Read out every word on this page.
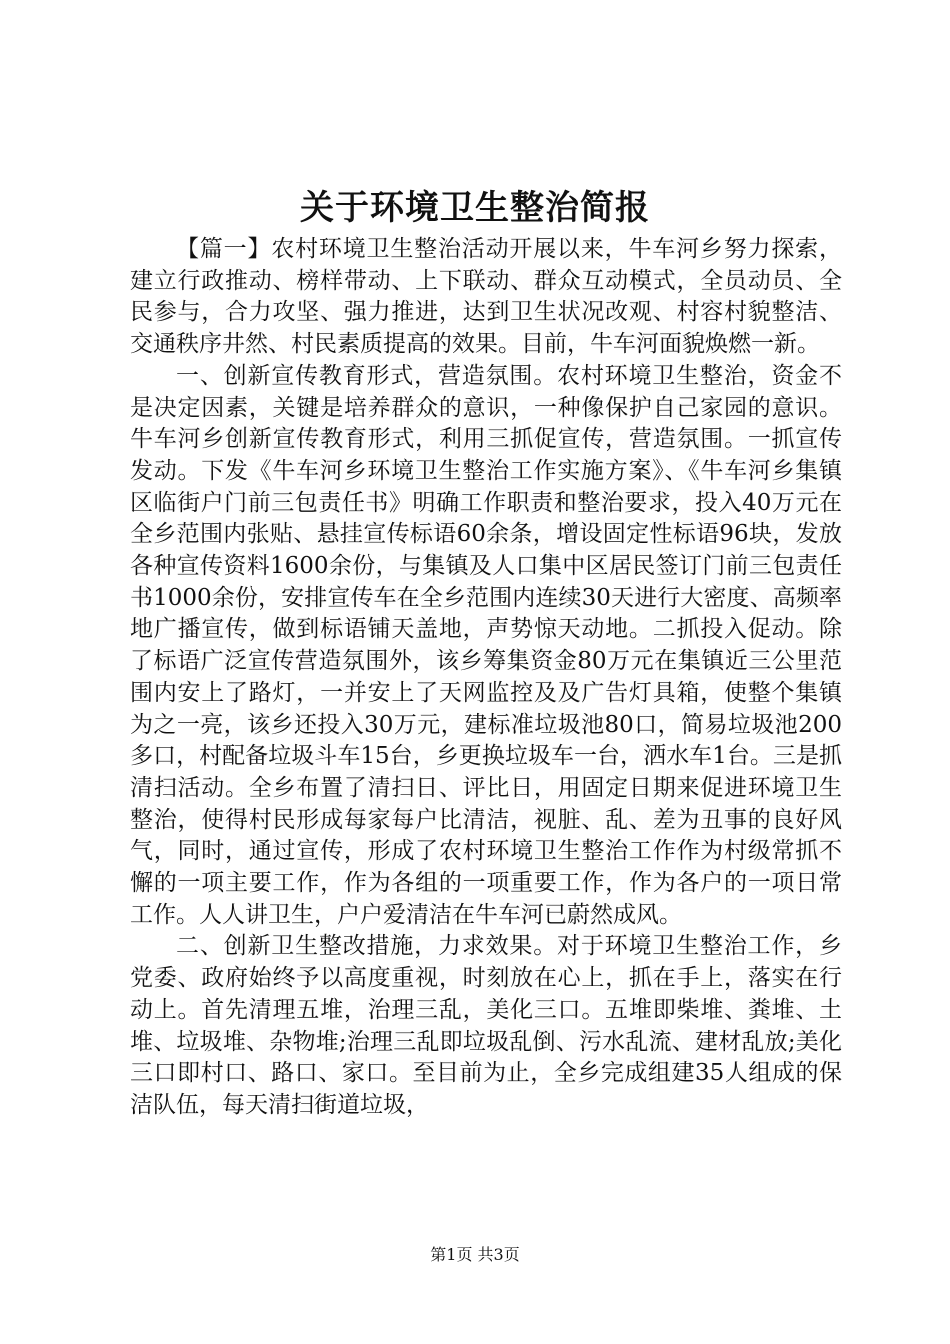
关于环境卫生整治简报

【篇一】农村环境卫生整治活动开展以来，牛车河乡努力探索，建立行政推动、榜样带动、上下联动、群众互动模式，全员动员、全民参与，合力攻坚、强力推进，达到卫生状况改观、村容村貌整洁、交通秩序井然、村民素质提高的效果。目前，牛车河面貌焕燃一新。

一、创新宣传教育形式，营造氛围。农村环境卫生整治，资金不是决定因素，关键是培养群众的意识，一种像保护自己家园的意识。牛车河乡创新宣传教育形式，利用三抓促宣传，营造氛围。一抓宣传发动。下发《牛车河乡环境卫生整治工作实施方案》、《牛车河乡集镇区临街户门前三包责任书》明确工作职责和整治要求，投入40万元在全乡范围内张贴、悬挂宣传标语60余条，增设固定性标语96块，发放各种宣传资料1600余份，与集镇及人口集中区居民签订门前三包责任书1000余份，安排宣传车在全乡范围内连续30天进行大密度、高频率地广播宣传，做到标语铺天盖地，声势惊天动地。二抓投入促动。除了标语广泛宣传营造氛围外，该乡筹集资金80万元在集镇近三公里范围内安上了路灯，一并安上了天网监控及及广告灯具箱，使整个集镇为之一亮，该乡还投入30万元，建标准垃圾池80口，简易垃圾池200多口，村配备垃圾斗车15台，乡更换垃圾车一台，洒水车1台。三是抓清扫活动。全乡布置了清扫日、评比日，用固定日期来促进环境卫生整治，使得村民形成每家每户比清洁，视脏、乱、差为丑事的良好风气，同时，通过宣传，形成了农村环境卫生整治工作作为村级常抓不懈的一项主要工作，作为各组的一项重要工作，作为各户的一项日常工作。人人讲卫生，户户爱清洁在牛车河已蔚然成风。

二、创新卫生整改措施，力求效果。对于环境卫生整治工作，乡党委、政府始终予以高度重视，时刻放在心上，抓在手上，落实在行动上。首先清理五堆，治理三乱，美化三口。五堆即柴堆、粪堆、土堆、垃圾堆、杂物堆;治理三乱即垃圾乱倒、污水乱流、建材乱放;美化三口即村口、路口、家口。至目前为止，全乡完成组建35人组成的保洁队伍，每天清扫街道垃圾，

第1页 共3页
